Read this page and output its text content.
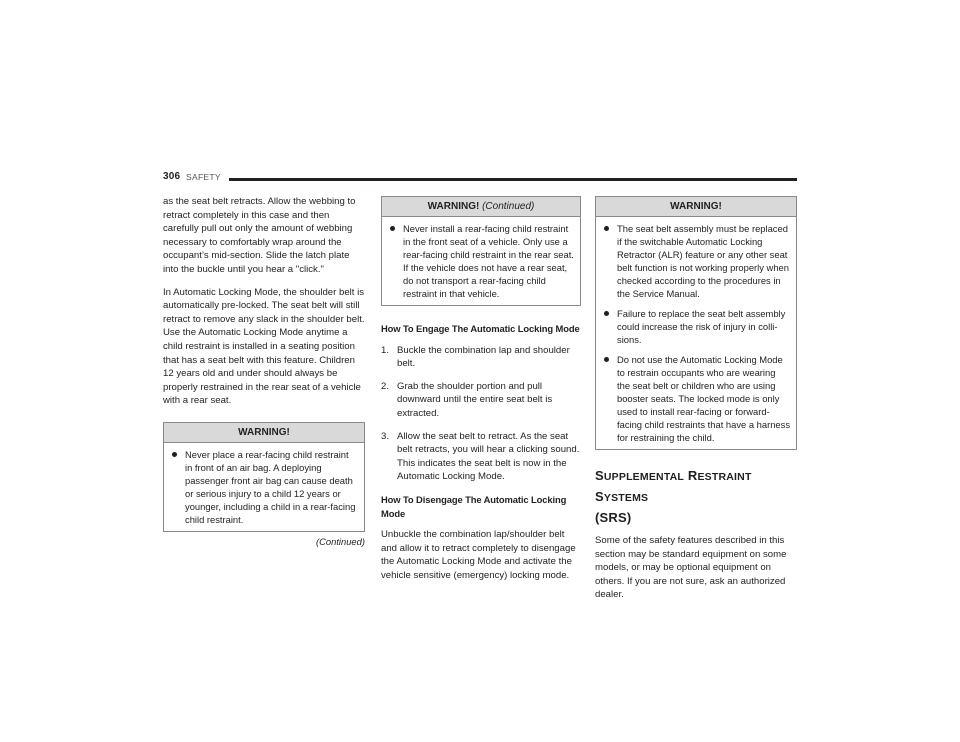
306 SAFETY

as the seat belt retracts. Allow the webbing to retract completely in this case and then carefully pull out only the amount of webbing necessary to comfortably wrap around the occupant’s mid-section. Slide the latch plate into the buckle until you hear a "click."

In Automatic Locking Mode, the shoulder belt is automatically pre-locked. The seat belt will still retract to remove any slack in the shoulder belt. Use the Automatic Locking Mode anytime a child restraint is installed in a seating position that has a seat belt with this feature. Children 12 years old and under should always be properly restrained in the rear seat of a vehicle with a rear seat.

WARNING!
Never place a rear-facing child restraint in front of an air bag. A deploying passenger front air bag can cause death or serious injury to a child 12 years or younger, including a child in a rear-facing child restraint.
(Continued)
WARNING! (Continued)
Never install a rear-facing child restraint in the front seat of a vehicle. Only use a rear-facing child restraint in the rear seat. If the vehicle does not have a rear seat, do not transport a rear-facing child restraint in that vehicle.
How To Engage The Automatic Locking Mode
1. Buckle the combination lap and shoulder belt.
2. Grab the shoulder portion and pull downward until the entire seat belt is extracted.
3. Allow the seat belt to retract. As the seat belt retracts, you will hear a clicking sound. This indicates the seat belt is now in the Automatic Locking Mode.
How To Disengage The Automatic Locking Mode

Unbuckle the combination lap/shoulder belt and allow it to retract completely to disengage the Automatic Locking Mode and activate the vehicle sensitive (emergency) locking mode.

WARNING!
The seat belt assembly must be replaced if the switchable Automatic Locking Retractor (ALR) feature or any other seat belt function is not working properly when checked according to the procedures in the Service Manual.
Failure to replace the seat belt assembly could increase the risk of injury in colli-sions.
Do not use the Automatic Locking Mode to restrain occupants who are wearing the seat belt or children who are using booster seats. The locked mode is only used to install rear-facing or forward-facing child restraints that have a harness for restraining the child.
SUPPLEMENTAL RESTRAINT SYSTEMS
(SRS)

Some of the safety features described in this section may be standard equipment on some models, or may be optional equipment on others. If you are not sure, ask an authorized dealer.
